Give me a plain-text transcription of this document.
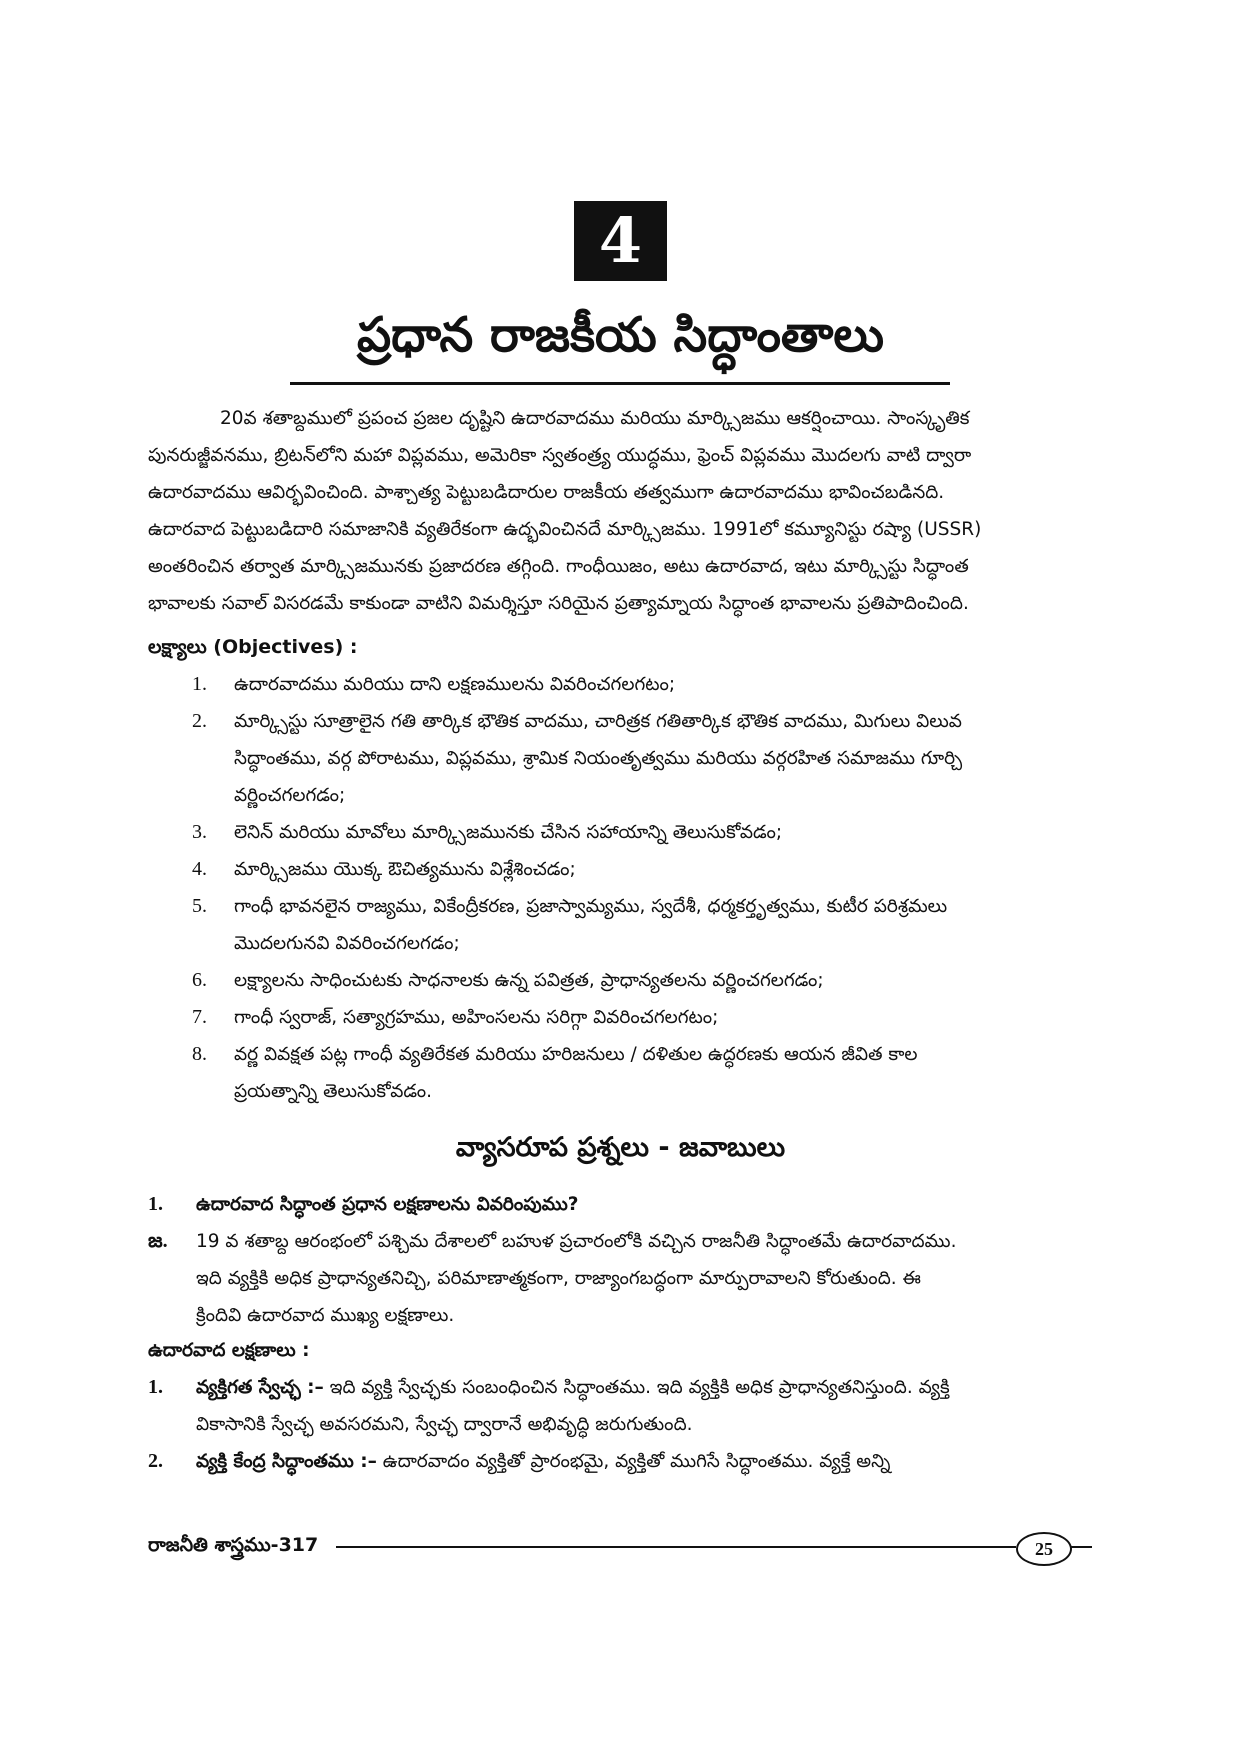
4
ప్రధాన రాజకీయ సిద్ధాంతాలు
20వ శతాబ్దములో ప్రపంచ ప్రజల దృష్టిని ఉదారవాదము మరియు మార్క్సిజము ఆకర్షించాయి. సాంస్కృతిక
పునరుజ్జీవనము, బ్రిటన్‌లోని మహా విప్లవము, అమెరికా స్వతంత్ర్య యుద్ధము, ఫ్రెంచ్ విప్లవము మొదలగు వాటి ద్వారా
ఉదారవాదము ఆవిర్భవించింది. పాశ్చాత్య పెట్టుబడిదారుల రాజకీయ తత్వముగా ఉదారవాదము భావించబడినది.
ఉదారవాద పెట్టుబడిదారి సమాజానికి వ్యతిరేకంగా ఉద్భవించినదే మార్క్సిజము. 1991లో కమ్యూనిస్టు రష్యా (USSR)
అంతరించిన తర్వాత మార్క్సిజమునకు ప్రజాదరణ తగ్గింది. గాంధీయిజం, అటు ఉదారవాద, ఇటు మార్క్సిస్టు సిద్ధాంత
భావాలకు సవాల్ విసరడమే కాకుండా వాటిని విమర్శిస్తూ సరియైన ప్రత్యామ్నాయ సిద్ధాంత భావాలను ప్రతిపాదించింది.
లక్ష్యాలు (Objectives) :
1. ఉదారవాదము మరియు దాని లక్షణములను వివరించగలగటం;
2. మార్క్సిస్టు సూత్రాలైన గతి తార్కిక భౌతిక వాదము, చారిత్రక గతితార్కిక భౌతిక వాదము, మిగులు విలువ
సిద్ధాంతము, వర్గ పోరాటము, విప్లవము, శ్రామిక నియంతృత్వము మరియు వర్గరహిత సమాజము గూర్చి
వర్ణించగలగడం;
3. లెనిన్ మరియు మావోలు మార్క్సిజమునకు చేసిన సహాయాన్ని తెలుసుకోవడం;
4. మార్క్సిజము యొక్క ఔచిత్యమును విశ్లేశించడం;
5. గాంధీ భావనలైన రాజ్యము, వికేంద్రీకరణ, ప్రజాస్వామ్యము, స్వదేశీ, ధర్మకర్తృత్వము, కుటీర పరిశ్రమలు
మొదలగునవి వివరించగలగడం;
6. లక్ష్యాలను సాధించుటకు సాధనాలకు ఉన్న పవిత్రత, ప్రాధాన్యతలను వర్ణించగలగడం;
7. గాంధీ స్వరాజ్, సత్యాగ్రహము, అహింసలను సరిగ్గా వివరించగలగటం;
8. వర్ణ వివక్షత పట్ల గాంధీ వ్యతిరేకత మరియు హరిజనులు / దళితుల ఉద్ధరణకు ఆయన జీవిత కాల
ప్రయత్నాన్ని తెలుసుకోవడం.
వ్యాసరూప ప్రశ్నలు - జవాబులు
1. ఉదారవాద సిద్ధాంత ప్రధాన లక్షణాలను వివరింపుము?
జ. 19 వ శతాబ్ద ఆరంభంలో పశ్చిమ దేశాలలో బహుళ ప్రచారంలోకి వచ్చిన రాజనీతి సిద్ధాంతమే ఉదారవాదము.
ఇది వ్యక్తికి అధిక ప్రాధాన్యతనిచ్చి, పరిమాణాత్మకంగా, రాజ్యాంగబద్ధంగా మార్పురావాలని కోరుతుంది. ఈ
క్రిందివి ఉదారవాద ముఖ్య లక్షణాలు.
ఉదారవాద లక్షణాలు :
1. వ్యక్తిగత స్వేచ్ఛ :– ఇది వ్యక్తి స్వేచ్ఛకు సంబంధించిన సిద్ధాంతము. ఇది వ్యక్తికి అధిక ప్రాధాన్యతనిస్తుంది. వ్యక్తి
వికాసానికి స్వేచ్ఛ అవసరమని, స్వేచ్ఛ ద్వారానే అభివృద్ధి జరుగుతుంది.
2. వ్యక్తి కేంద్ర సిద్ధాంతము :– ఉదారవాదం వ్యక్తితో ప్రారంభమై, వ్యక్తితో ముగిసే సిద్ధాంతము. వ్యక్తే అన్ని
రాజనీతి శాస్త్రము-317	25
